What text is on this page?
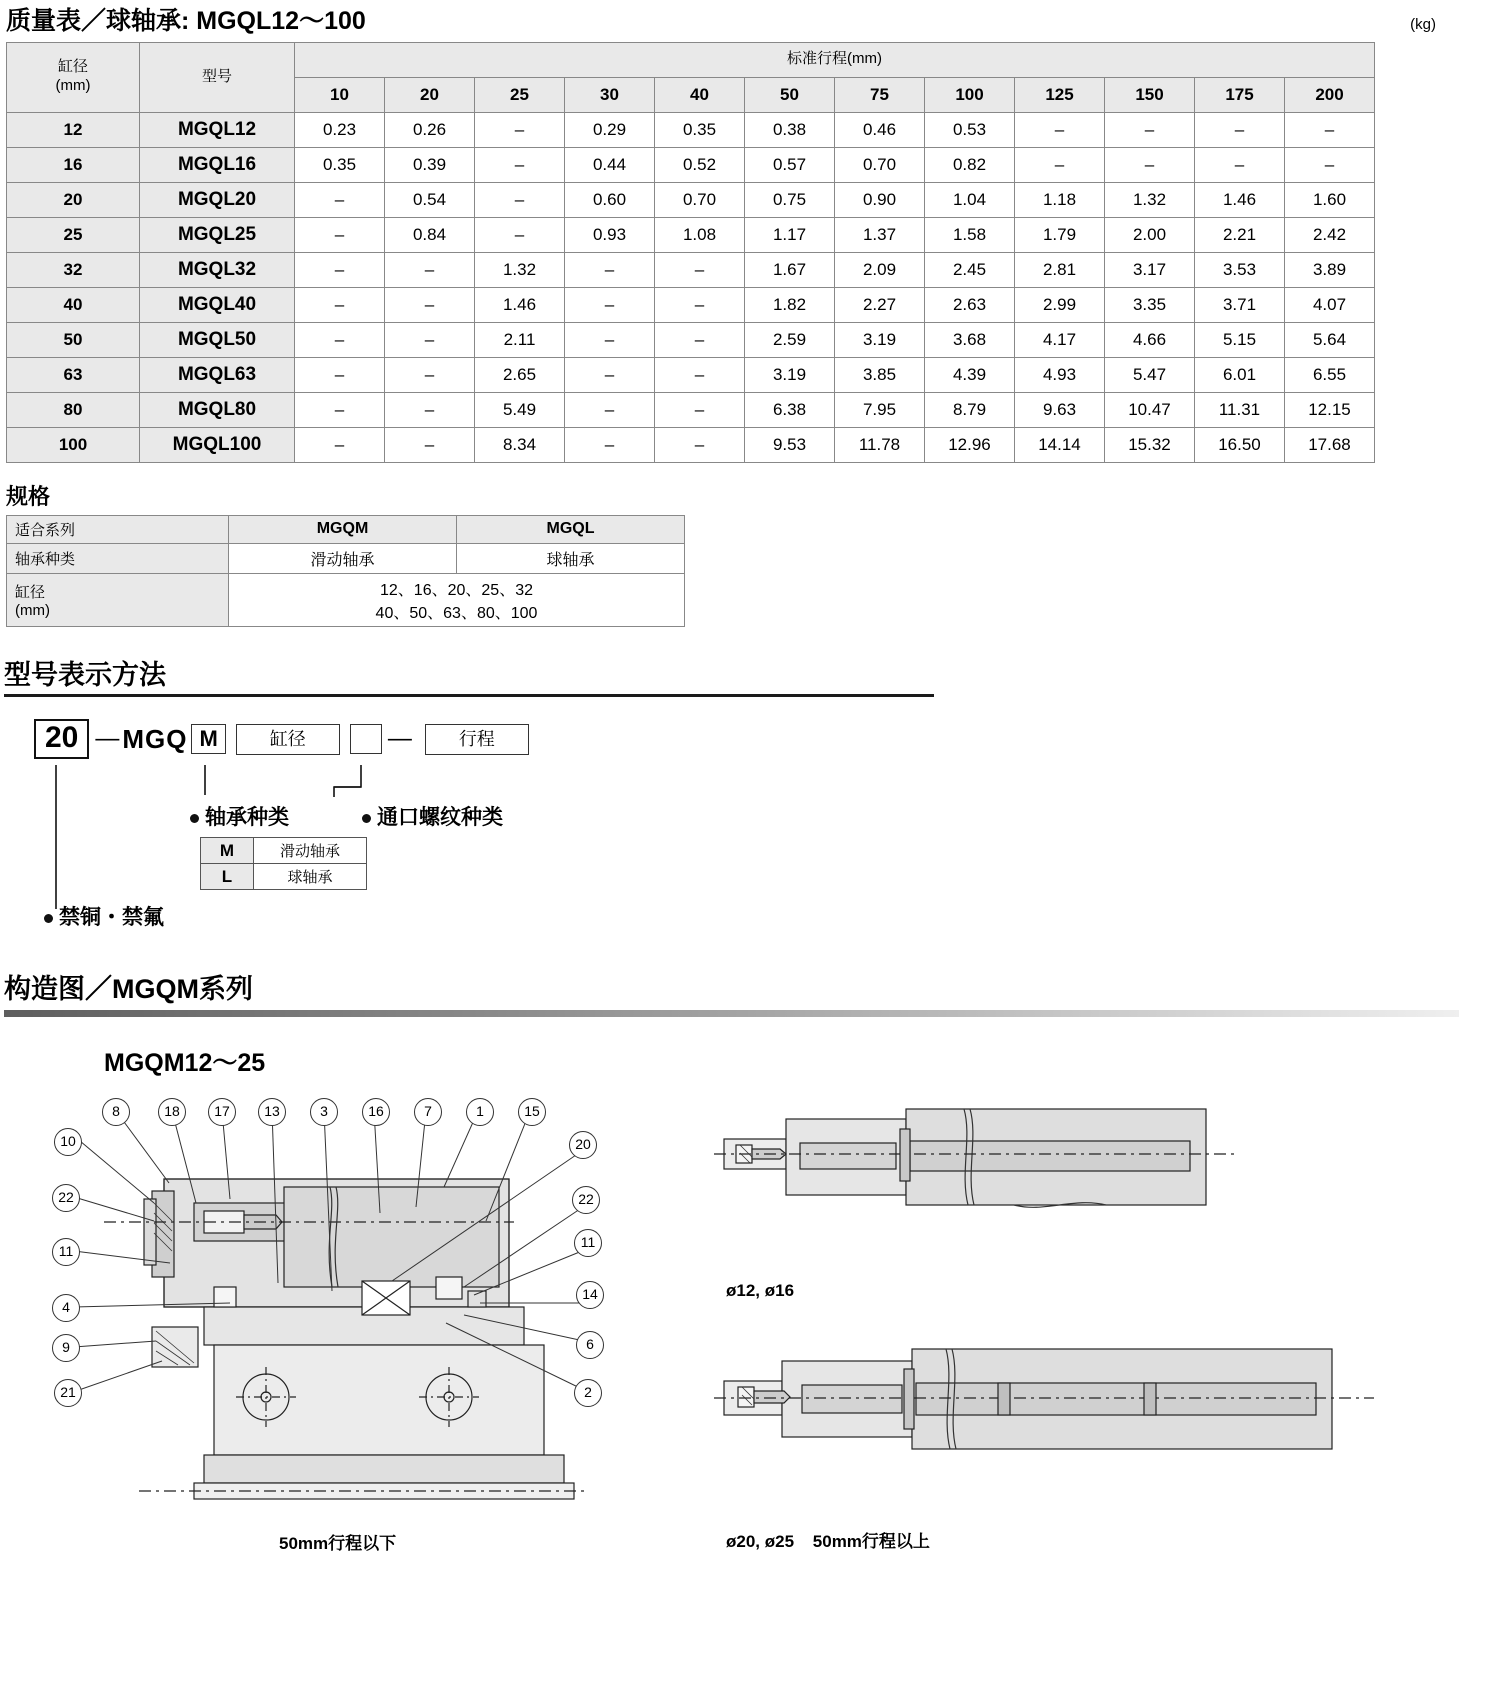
质量表／球轴承: MGQL12～100	(kg)
缸径
(mm)	型号	标准行程(mm)											
		10	20	25	30	40	50	75	100	125	150	175	200
12	MGQL12	0.23	0.26	–	0.29	0.35	0.38	0.46	0.53	–	–	–	–
16	MGQL16	0.35	0.39	–	0.44	0.52	0.57	0.70	0.82	–	–	–	–
20	MGQL20	–	0.54	–	0.60	0.70	0.75	0.90	1.04	1.18	1.32	1.46	1.60
25	MGQL25	–	0.84	–	0.93	1.08	1.17	1.37	1.58	1.79	2.00	2.21	2.42
32	MGQL32	–	–	1.32	–	–	1.67	2.09	2.45	2.81	3.17	3.53	3.89
40	MGQL40	–	–	1.46	–	–	1.82	2.27	2.63	2.99	3.35	3.71	4.07
50	MGQL50	–	–	2.11	–	–	2.59	3.19	3.68	4.17	4.66	5.15	5.64
63	MGQL63	–	–	2.65	–	–	3.19	3.85	4.39	4.93	5.47	6.01	6.55
80	MGQL80	–	–	5.49	–	–	6.38	7.95	8.79	9.63	10.47	11.31	12.15
100	MGQL100	–	–	8.34	–	–	9.53	11.78	12.96	14.14	15.32	16.50	17.68
规格
适合系列	MGQM	MGQL
轴承种类	滑动轴承	球轴承

缸径
(mm)

12、16、20、25、32
40、50、63、80、100
型号表示方法
20 — MGQ M	缸径	—	行程
轴承种类	通口螺纹种类
M	滑动轴承
L	球轴承
禁铜・禁氟
构造图／MGQM系列
MGQM12～25
8	18	17	13	3	16	7	1	15
10	20
22	22
11
11
4
14
9	6
21	2
50mm行程以下
ø12, ø16
ø20, ø25 50mm行程以上
